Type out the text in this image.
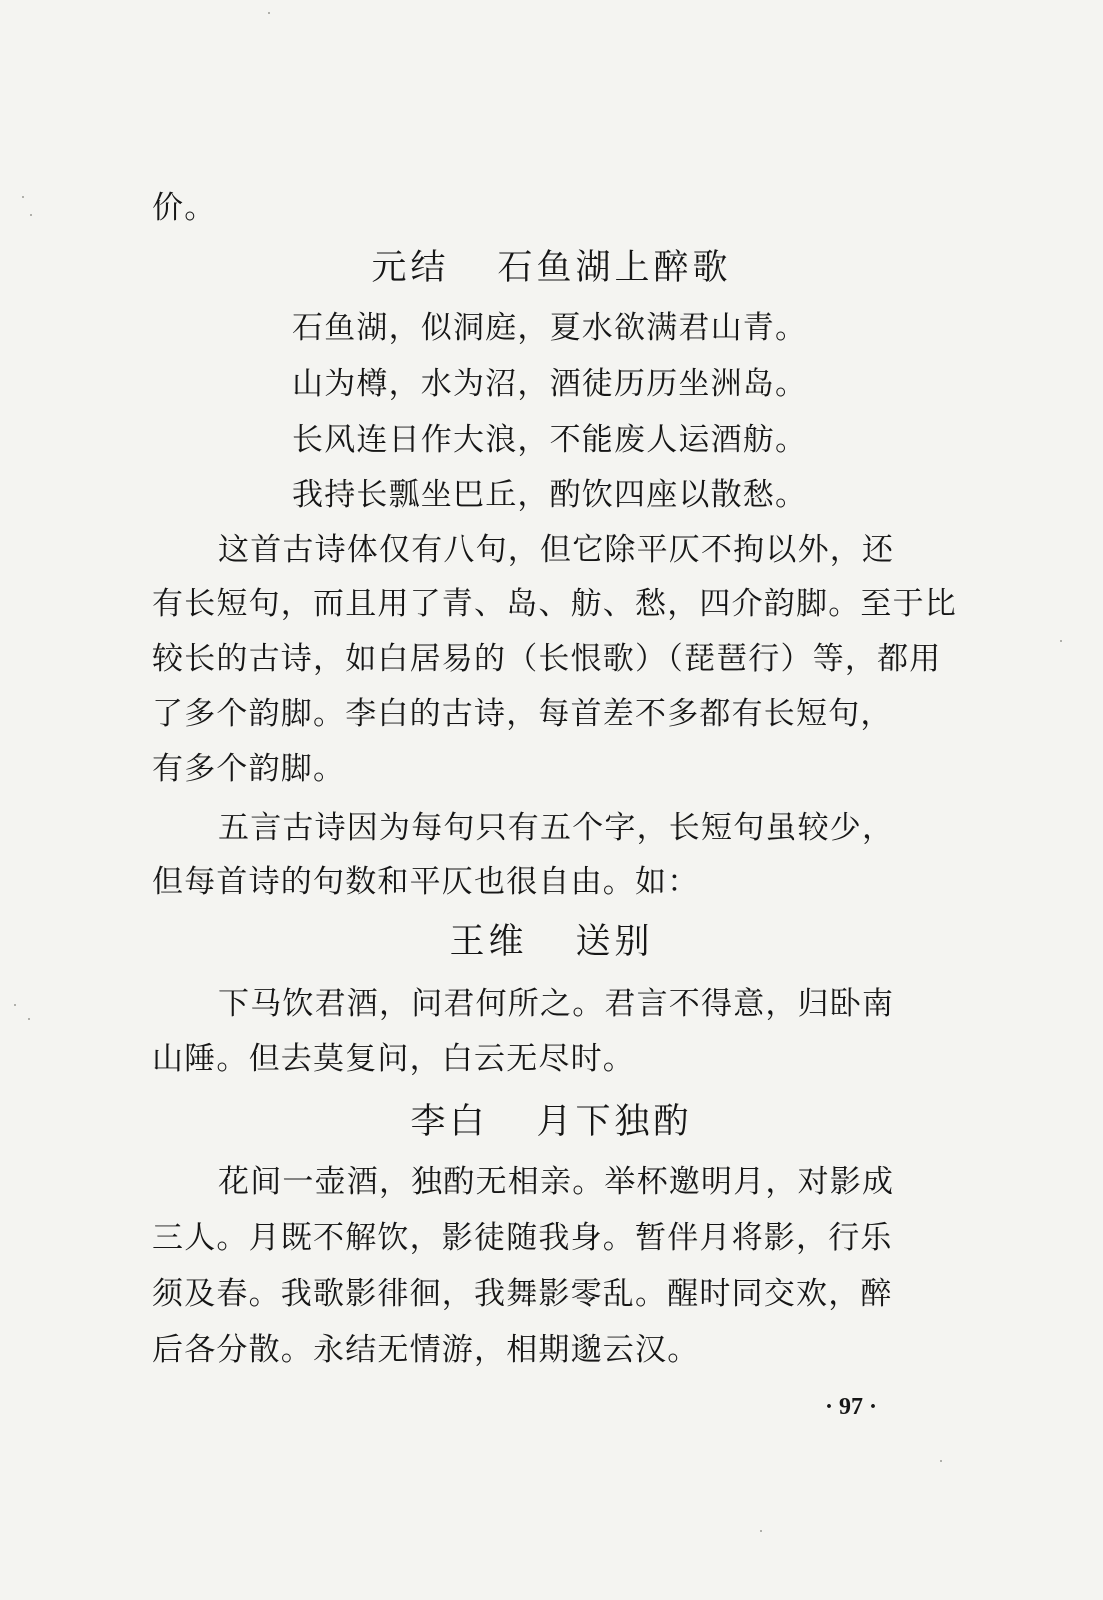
价。
元结 石鱼湖上醉歌
石鱼湖，似洞庭，夏水欲满君山青。
山为樽，水为沼，酒徒历历坐洲岛。
长风连日作大浪，不能废人运酒舫。
我持长瓢坐巴丘，酌饮四座以散愁。
这首古诗体仅有八句，但它除平仄不拘以外，还
有长短句，而且用了青、岛、舫、愁，四介韵脚。至于比
较长的古诗，如白居易的（长恨歌）（琵琶行）等，都用
了多个韵脚。李白的古诗，每首差不多都有长短句，
有多个韵脚。
五言古诗因为每句只有五个字，长短句虽较少，
但每首诗的句数和平仄也很自由。如：
王维 送别
下马饮君酒，问君何所之。君言不得意，归卧南
山陲。但去莫复问，白云无尽时。
李白 月下独酌
花间一壶酒，独酌无相亲。举杯邀明月，对影成
三人。月既不解饮，影徒随我身。暂伴月将影，行乐
须及春。我歌影徘徊，我舞影零乱。醒时同交欢，醉
后各分散。永结无情游，相期邈云汉。
· 97 ·
